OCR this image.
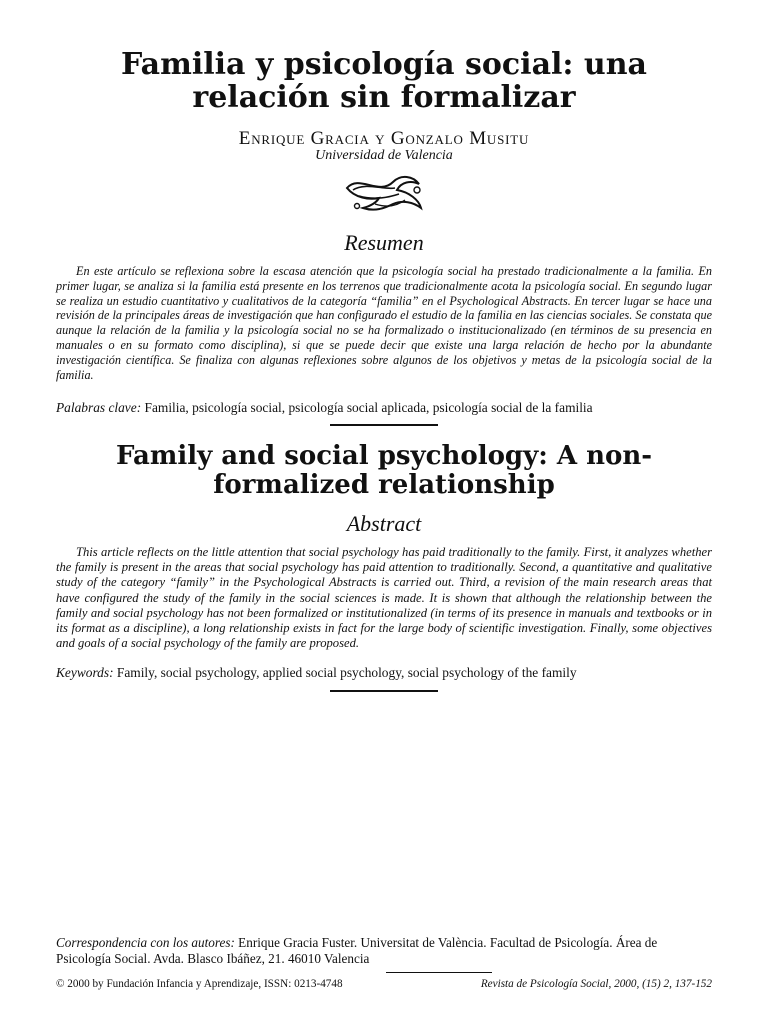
Familia y psicología social: una
relación sin formalizar
Enrique Gracia y Gonzalo Musitu
Universidad de Valencia
Resumen

En este artículo se reflexiona sobre la escasa atención que la psicología social ha prestado tradicionalmente a la familia. En primer lugar, se analiza si la familia está presente en los terrenos que tradicionalmente acota la psicología social. En segundo lugar se realiza un estudio cuantitativo y cualitativos de la categoría “familia” en el Psychological Abstracts. En tercer lugar se hace una revisión de la principales áreas de investigación que han configurado el estudio de la familia en las ciencias sociales. Se constata que aunque la relación de la familia y la psicología social no se ha formalizado o institucionalizado (en términos de su presencia en manuales o en su formato como disciplina), si que se puede decir que existe una larga relación de hecho por la abundante investigación científica. Se finaliza con algunas reflexiones sobre algunos de los objetivos y metas de la psicología social de la familia.

Palabras clave: Familia, psicología social, psicología social aplicada, psicología social de la familia

Family and social psychology: A non-
formalized relationship
Abstract

This article reflects on the little attention that social psychology has paid traditionally to the family. First, it analyzes whether the family is present in the areas that social psychology has paid attention to traditionally. Second, a quantitative and qualitative study of the category “family” in the Psychological Abstracts is carried out. Third, a revision of the main research areas that have configured the study of the family in the social sciences is made. It is shown that although the relationship between the family and social psychology has not been formalized or institutionalized (in terms of its presence in manuals and textbooks or in its format as a discipline), a long relationship exists in fact for the large body of scientific investigation. Finally, some objectives and goals of a social psychology of the family are proposed.

Keywords: Family, social psychology, applied social psychology, social psychology of the family

Correspondencia con los autores: Enrique Gracia Fuster. Universitat de València. Facultad de Psicología. Área de Psicología Social. Avda. Blasco Ibáñez, 21. 46010 Valencia

© 2000 by Fundación Infancia y Aprendizaje, ISSN: 0213-4748	Revista de Psicología Social, 2000, (15) 2, 137-152
